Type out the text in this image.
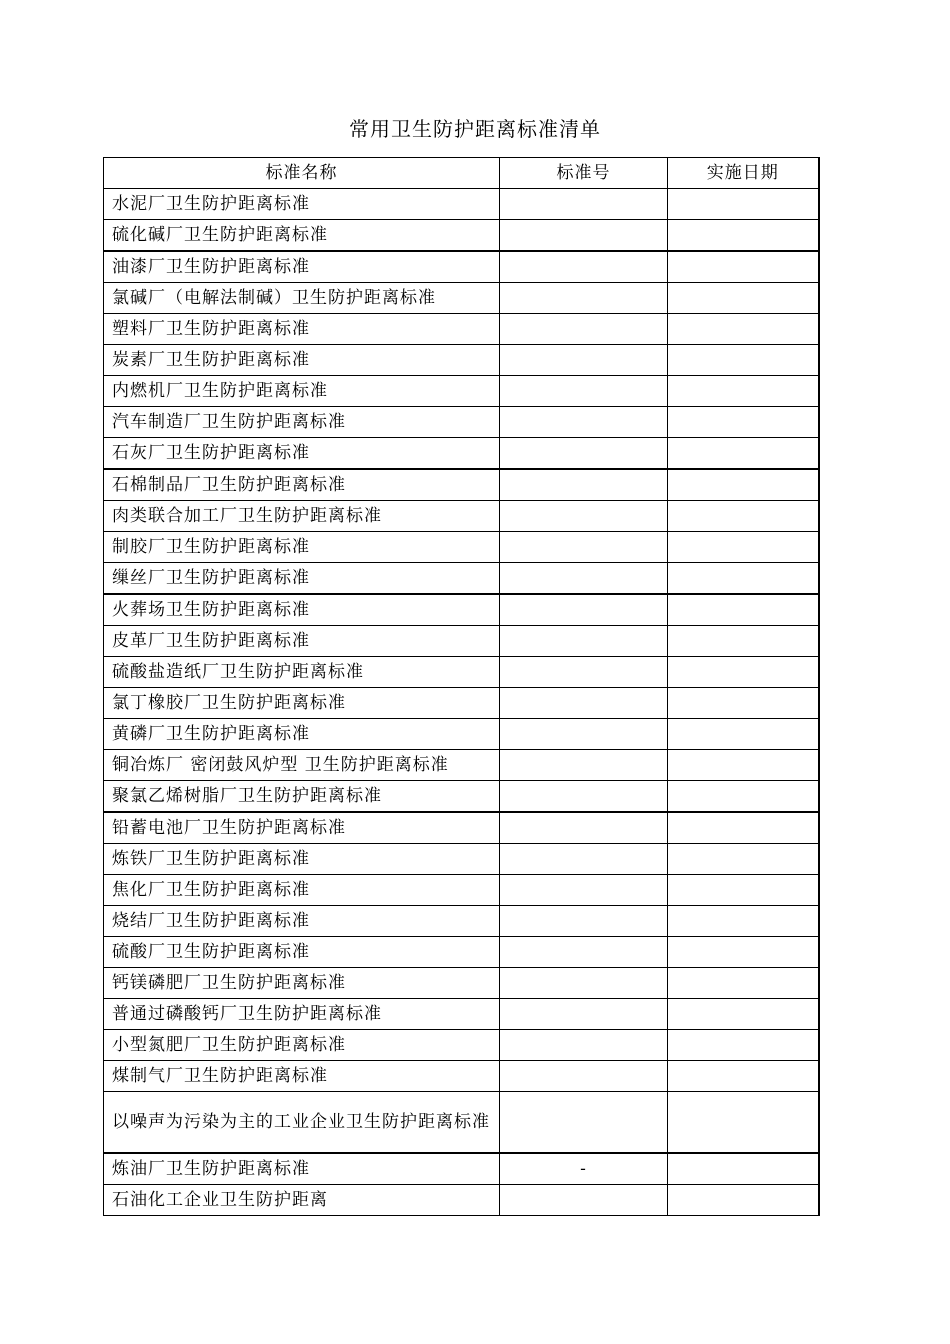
常用卫生防护距离标准清单
标准名称	标准号	实施日期
水泥厂卫生防护距离标准		
硫化碱厂卫生防护距离标准		
油漆厂卫生防护距离标准		
氯碱厂（电解法制碱）卫生防护距离标准		
塑料厂卫生防护距离标准		
炭素厂卫生防护距离标准		
内燃机厂卫生防护距离标准		
汽车制造厂卫生防护距离标准		
石灰厂卫生防护距离标准		
石棉制品厂卫生防护距离标准		
肉类联合加工厂卫生防护距离标准		
制胶厂卫生防护距离标准		
缫丝厂卫生防护距离标准		
火葬场卫生防护距离标准		
皮革厂卫生防护距离标准		
硫酸盐造纸厂卫生防护距离标准		
氯丁橡胶厂卫生防护距离标准		
黄磷厂卫生防护距离标准		
铜冶炼厂 密闭鼓风炉型 卫生防护距离标准		
聚氯乙烯树脂厂卫生防护距离标准		
铅蓄电池厂卫生防护距离标准		
炼铁厂卫生防护距离标准		
焦化厂卫生防护距离标准		
烧结厂卫生防护距离标准		
硫酸厂卫生防护距离标准		
钙镁磷肥厂卫生防护距离标准		
普通过磷酸钙厂卫生防护距离标准		
小型氮肥厂卫生防护距离标准		
煤制气厂卫生防护距离标准		
以噪声为污染为主的工业企业卫生防护距离标准		
炼油厂卫生防护距离标准	-	
石油化工企业卫生防护距离		
